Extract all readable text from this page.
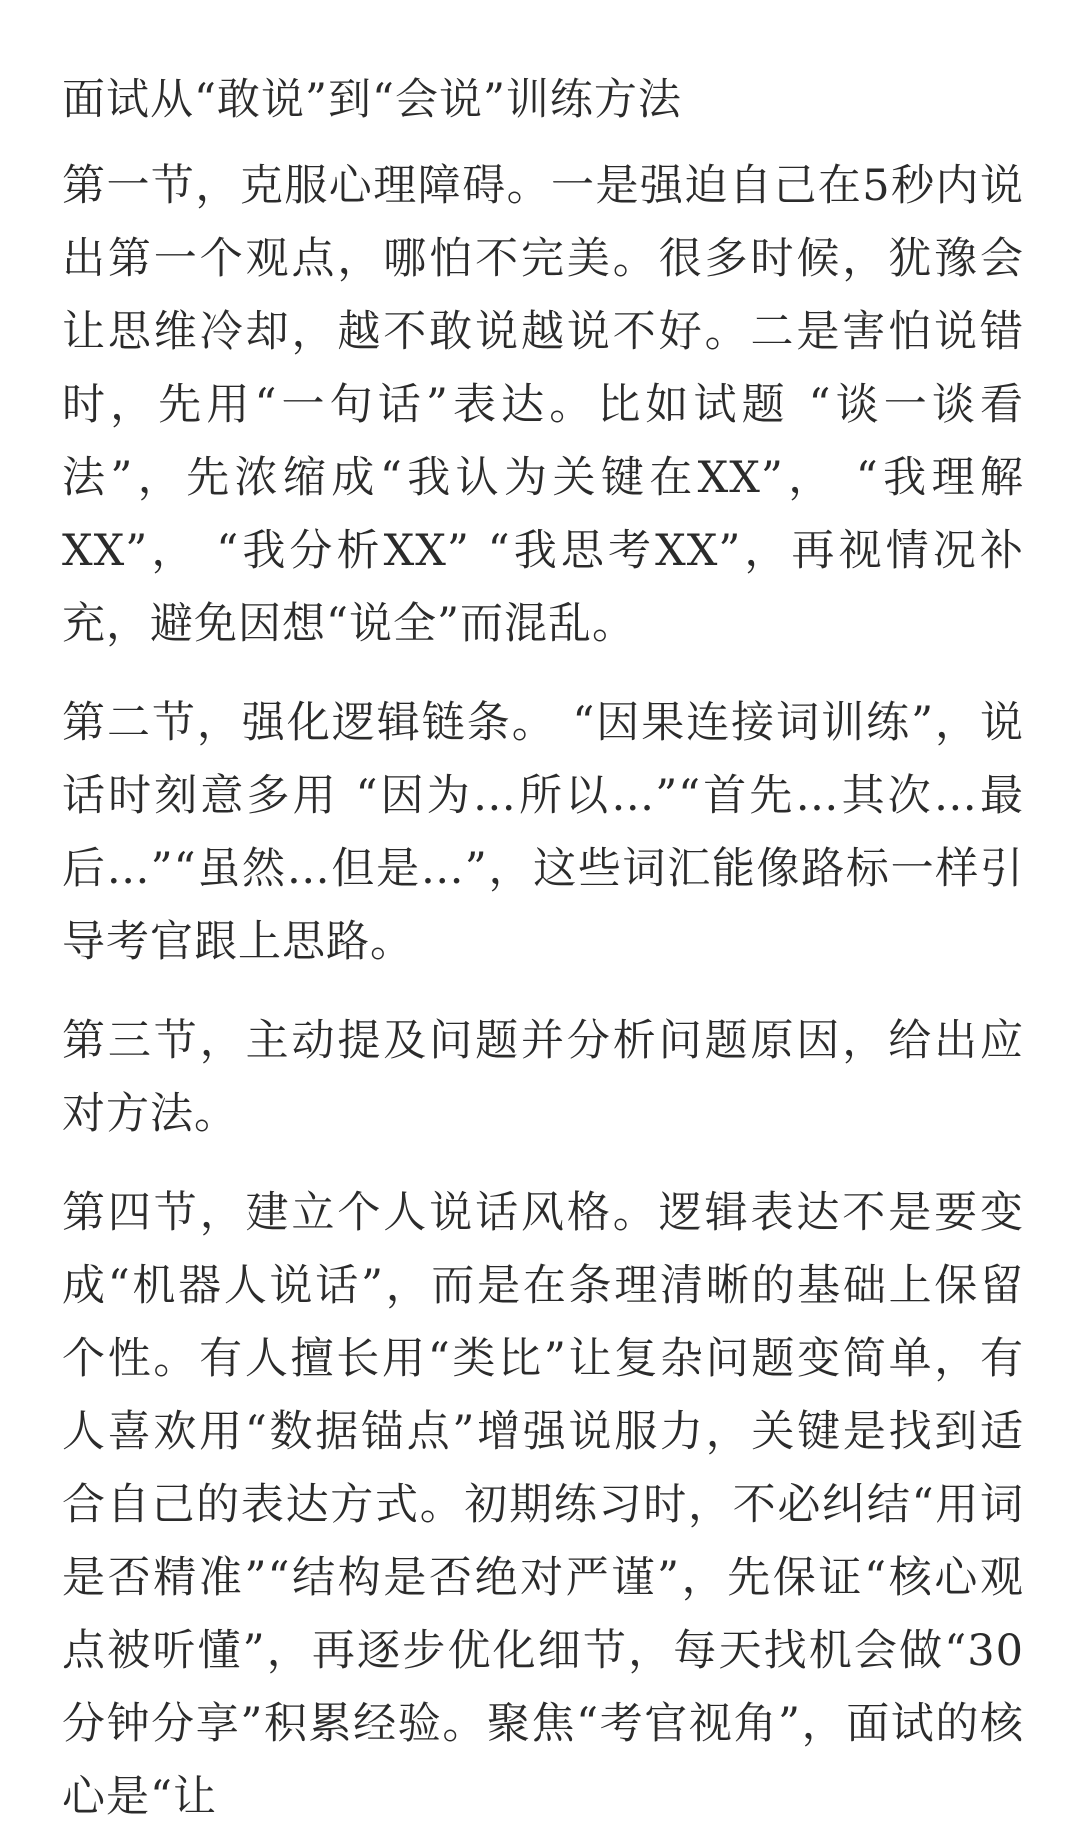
面试从“敢说”到“会说”训练方法

第一节，克服心理障碍。一是强迫自己在5秒内说出第一个观点，哪怕不完美。很多时候，犹豫会让思维冷却，越不敢说越说不好。二是害怕说错时，先用“一句话”表达。比如试题 “谈一谈看法”，先浓缩成“我认为关键在XX”， “我理解XX”， “我分析XX” “我思考XX”，再视情况补充，避免因想“说全”而混乱。

第二节，强化逻辑链条。 “因果连接词训练”，说话时刻意多用 “因为…所以…”“首先…其次…最后…”“虽然…但是…”，这些词汇能像路标一样引导考官跟上思路。

第三节，主动提及问题并分析问题原因，给出应对方法。

第四节，建立个人说话风格。逻辑表达不是要变成“机器人说话”，而是在条理清晰的基础上保留个性。有人擅长用“类比”让复杂问题变简单，有人喜欢用“数据锚点”增强说服力，关键是找到适合自己的表达方式。初期练习时，不必纠结“用词是否精准”“结构是否绝对严谨”，先保证“核心观点被听懂”，再逐步优化细节，每天找机会做“30分钟分享”积累经验。聚焦“考官视角”，面试的核心是“让
